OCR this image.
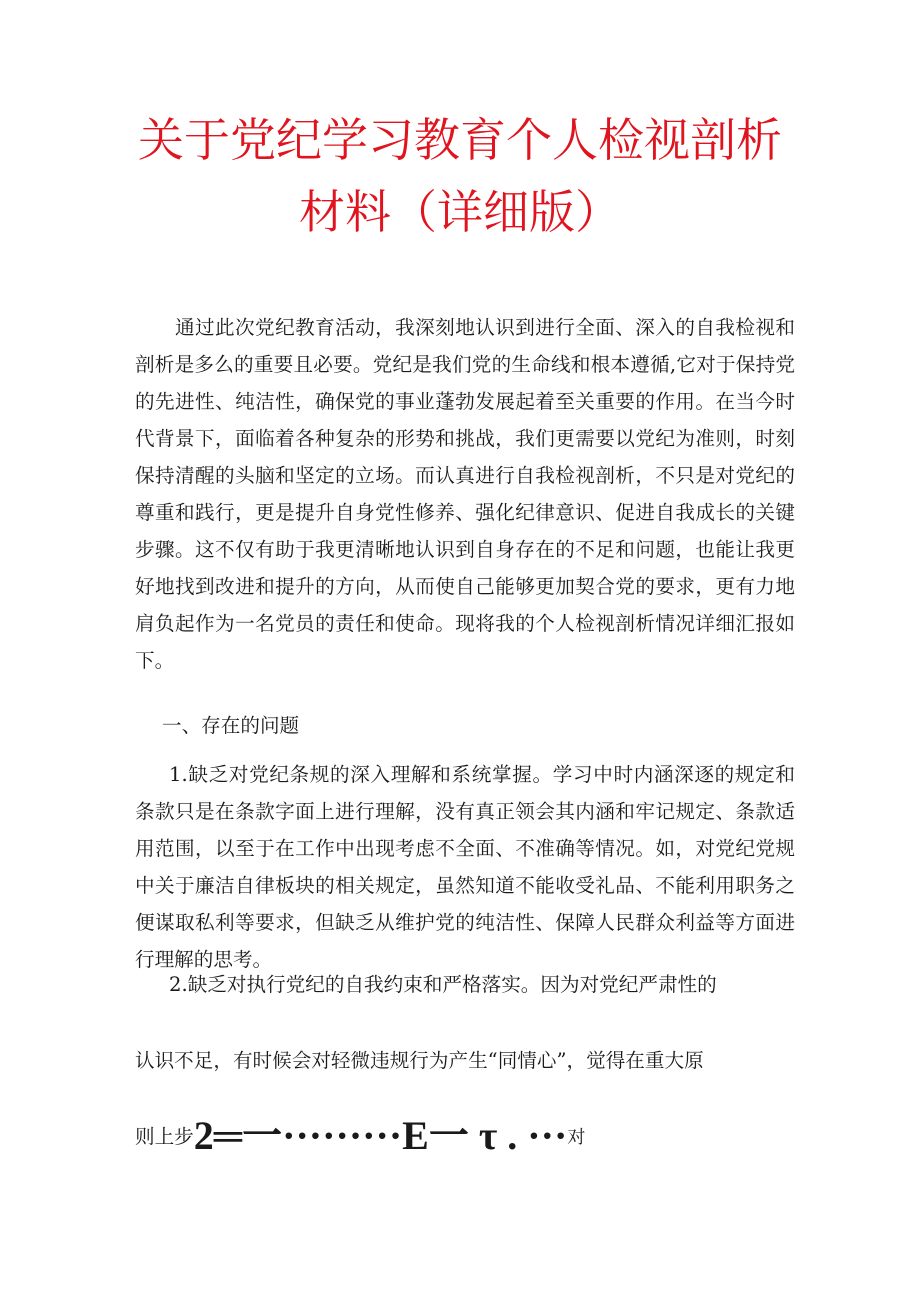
关于党纪学习教育个人检视剖析
材料（详细版）

通过此次党纪教育活动，我深刻地认识到进行全面、深入的自我检视和剖析是多么的重要且必要。党纪是我们党的生命线和根本遵循,它对于保持党的先进性、纯洁性，确保党的事业蓬勃发展起着至关重要的作用。在当今时代背景下，面临着各种复杂的形势和挑战，我们更需要以党纪为准则，时刻保持清醒的头脑和坚定的立场。而认真进行自我检视剖析，不只是对党纪的尊重和践行，更是提升自身党性修养、强化纪律意识、促进自我成长的关键步骤。这不仅有助于我更清晰地认识到自身存在的不足和问题，也能让我更好地找到改进和提升的方向，从而使自己能够更加契合党的要求，更有力地肩负起作为一名党员的责任和使命。现将我的个人检视剖析情况详细汇报如下。

一、存在的问题

1.缺乏对党纪条规的深入理解和系统掌握。学习中时内涵深逐的规定和条款只是在条款字面上进行理解，没有真正领会其内涵和牢记规定、条款适用范围，以至于在工作中出现考虑不全面、不准确等情况。如，对党纪党规中关于廉洁自律板块的相关规定，虽然知道不能收受礼品、不能利用职务之便谋取私利等要求，但缺乏从维护党的纯洁性、保障人民群众利益等方面进行理解的思考。

2.缺乏对执行党纪的自我约束和严格落实。因为对党纪严肃性的

认识不足，有时候会对轻微违规行为产生“同情心”，觉得在重大原

则上步2═一·········E一 τ . ···对
